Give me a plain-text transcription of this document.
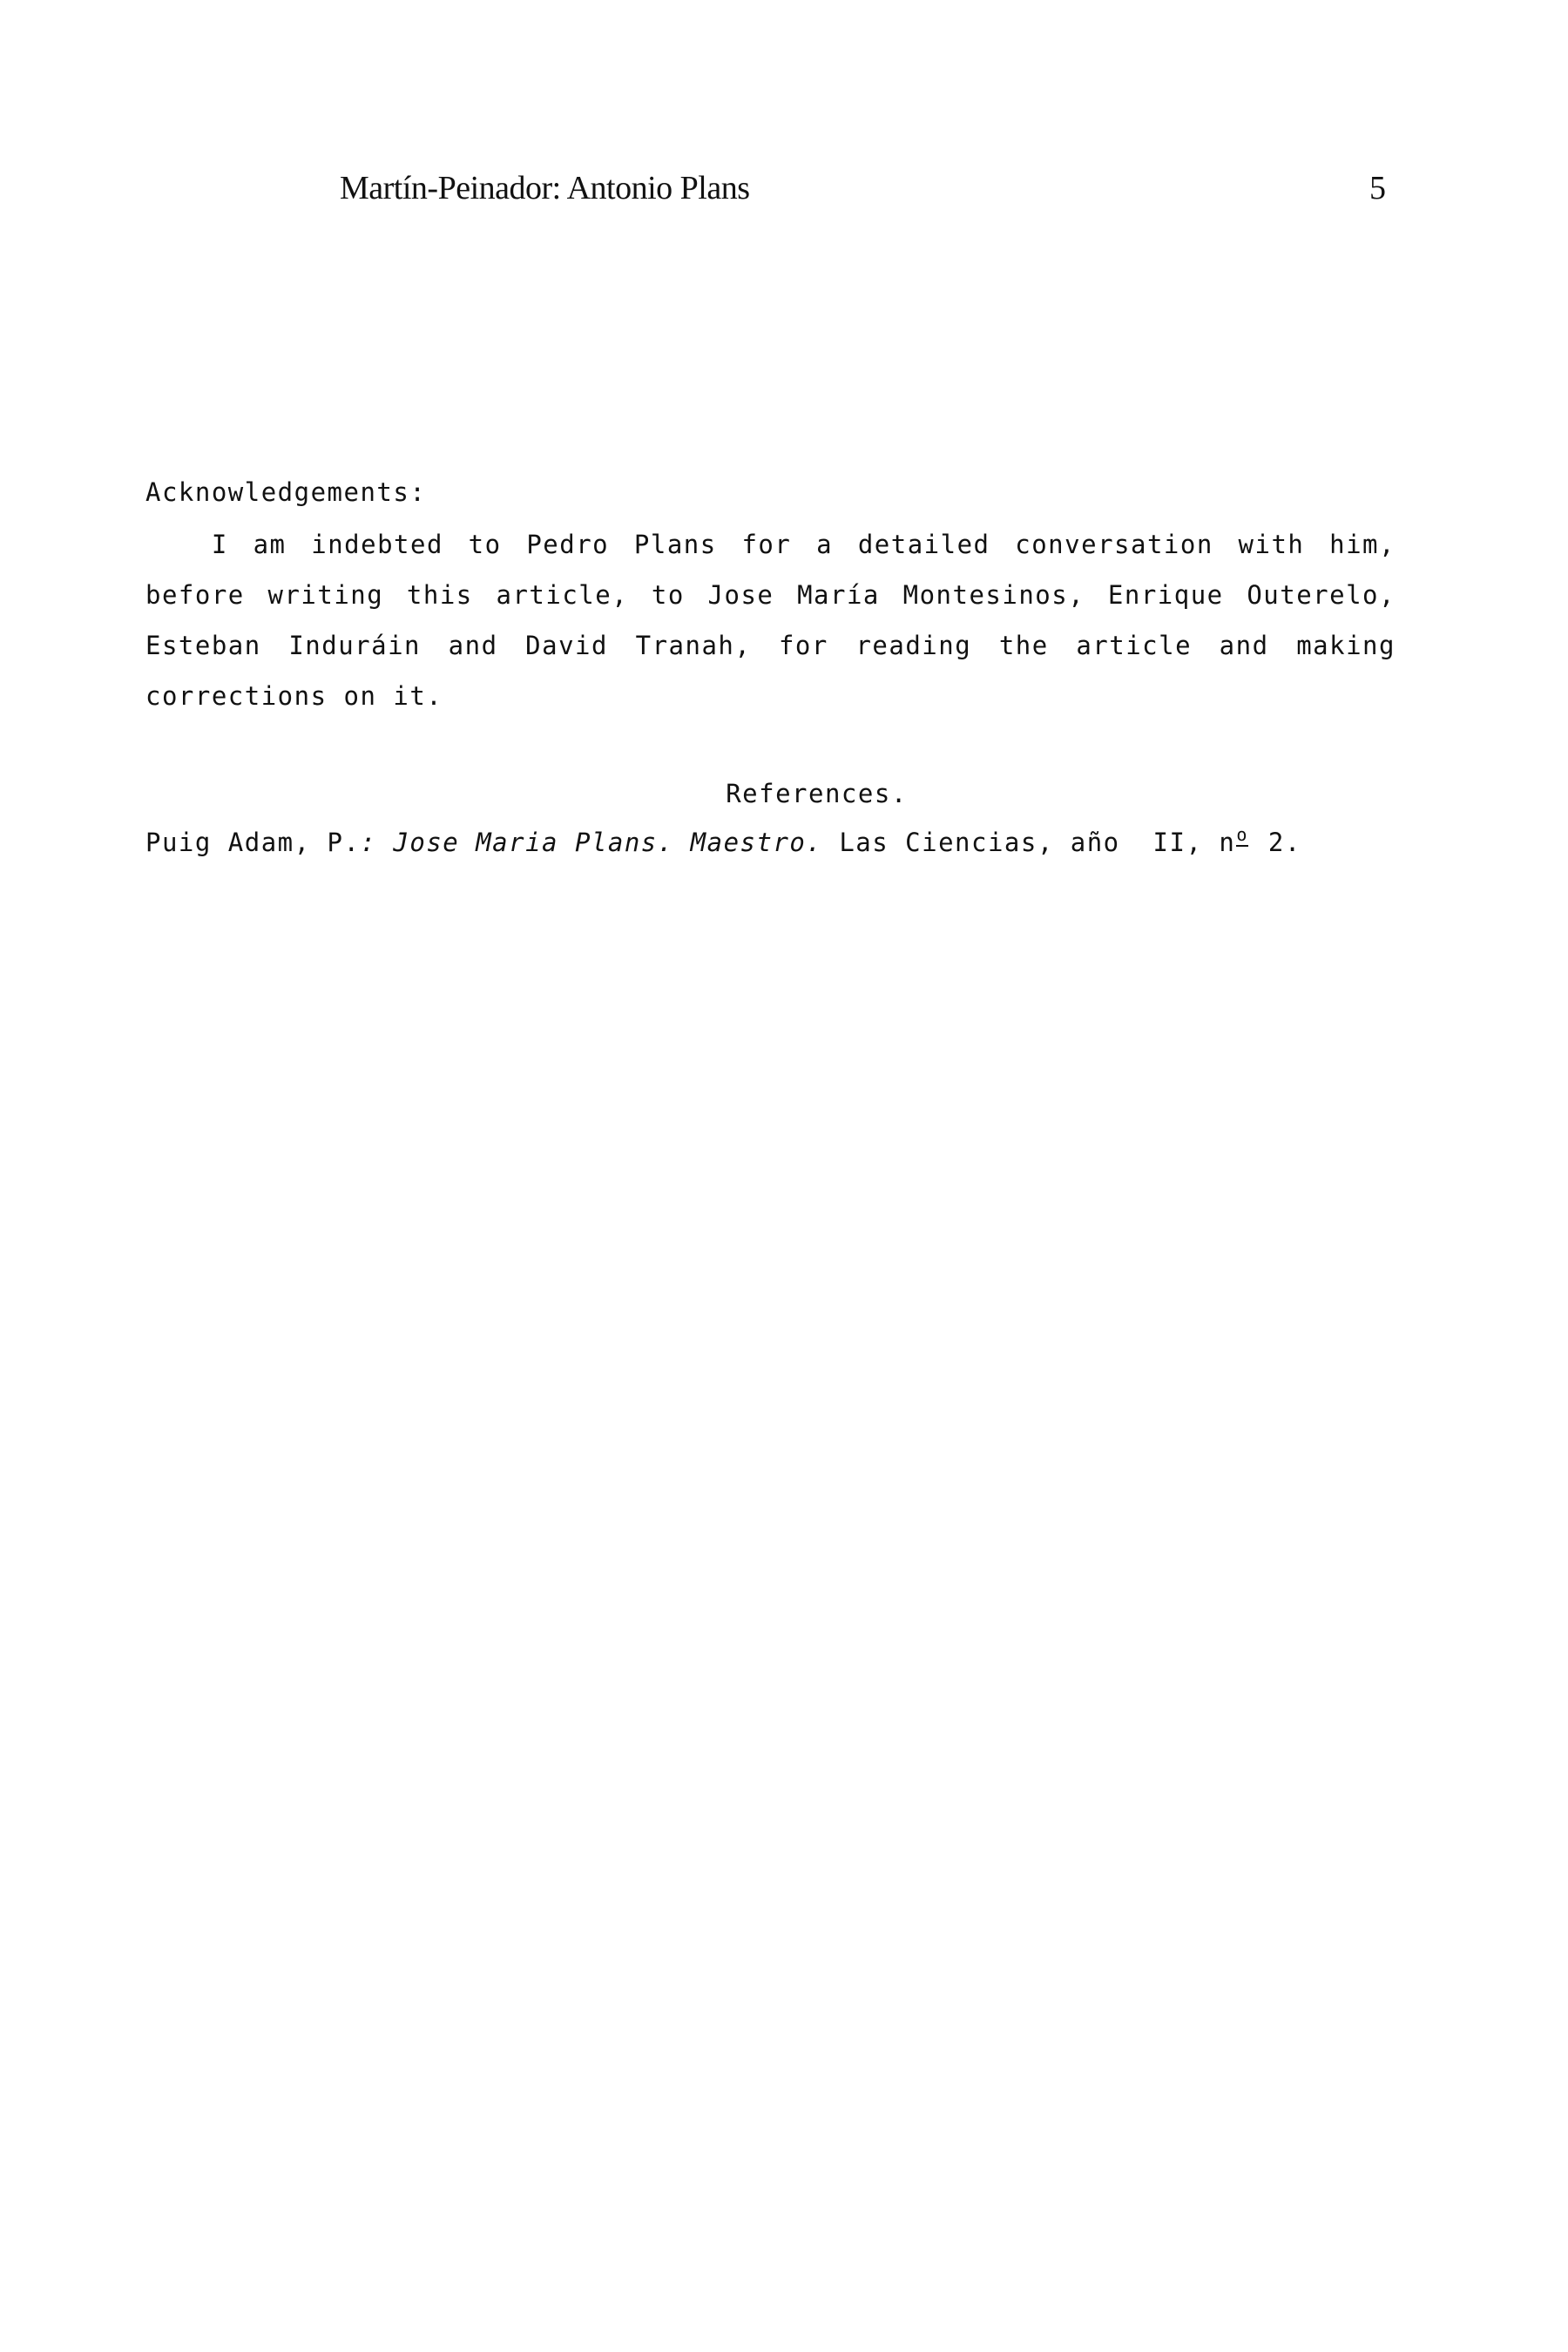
Martín-Peinador: Antonio Plans	5
Acknowledgements:
I am indebted to Pedro Plans for a detailed conversation with him,
before writing this article, to Jose María Montesinos, Enrique Outerelo,
Esteban Induráin and David Tranah, for reading the article and making
corrections on it.
References.
Puig Adam, P.: Jose Maria Plans. Maestro. Las Ciencias, año  II, no 2.
